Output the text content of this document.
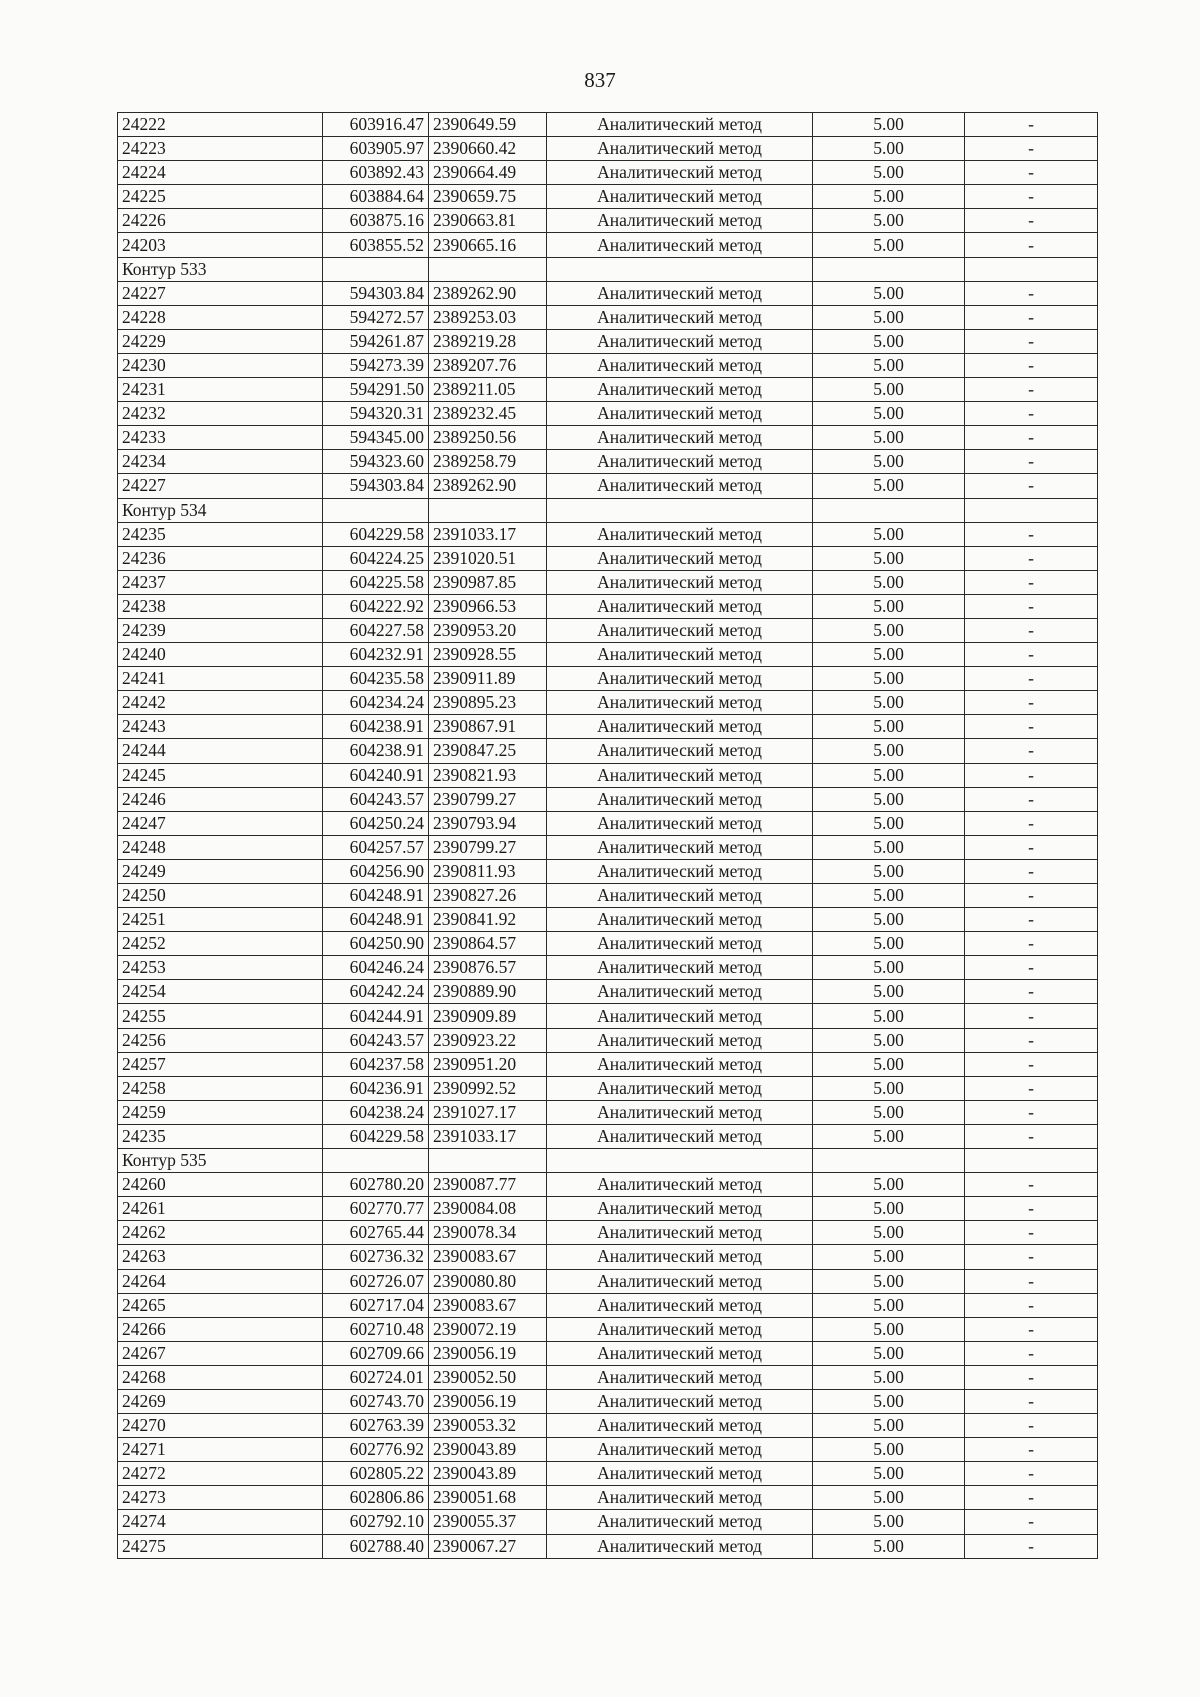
837
24222	603916.47	2390649.59	Аналитический метод	5.00	-
24223	603905.97	2390660.42	Аналитический метод	5.00	-
24224	603892.43	2390664.49	Аналитический метод	5.00	-
24225	603884.64	2390659.75	Аналитический метод	5.00	-
24226	603875.16	2390663.81	Аналитический метод	5.00	-
24203	603855.52	2390665.16	Аналитический метод	5.00	-
Контур 533					
24227	594303.84	2389262.90	Аналитический метод	5.00	-
24228	594272.57	2389253.03	Аналитический метод	5.00	-
24229	594261.87	2389219.28	Аналитический метод	5.00	-
24230	594273.39	2389207.76	Аналитический метод	5.00	-
24231	594291.50	2389211.05	Аналитический метод	5.00	-
24232	594320.31	2389232.45	Аналитический метод	5.00	-
24233	594345.00	2389250.56	Аналитический метод	5.00	-
24234	594323.60	2389258.79	Аналитический метод	5.00	-
24227	594303.84	2389262.90	Аналитический метод	5.00	-
Контур 534					
24235	604229.58	2391033.17	Аналитический метод	5.00	-
24236	604224.25	2391020.51	Аналитический метод	5.00	-
24237	604225.58	2390987.85	Аналитический метод	5.00	-
24238	604222.92	2390966.53	Аналитический метод	5.00	-
24239	604227.58	2390953.20	Аналитический метод	5.00	-
24240	604232.91	2390928.55	Аналитический метод	5.00	-
24241	604235.58	2390911.89	Аналитический метод	5.00	-
24242	604234.24	2390895.23	Аналитический метод	5.00	-
24243	604238.91	2390867.91	Аналитический метод	5.00	-
24244	604238.91	2390847.25	Аналитический метод	5.00	-
24245	604240.91	2390821.93	Аналитический метод	5.00	-
24246	604243.57	2390799.27	Аналитический метод	5.00	-
24247	604250.24	2390793.94	Аналитический метод	5.00	-
24248	604257.57	2390799.27	Аналитический метод	5.00	-
24249	604256.90	2390811.93	Аналитический метод	5.00	-
24250	604248.91	2390827.26	Аналитический метод	5.00	-
24251	604248.91	2390841.92	Аналитический метод	5.00	-
24252	604250.90	2390864.57	Аналитический метод	5.00	-
24253	604246.24	2390876.57	Аналитический метод	5.00	-
24254	604242.24	2390889.90	Аналитический метод	5.00	-
24255	604244.91	2390909.89	Аналитический метод	5.00	-
24256	604243.57	2390923.22	Аналитический метод	5.00	-
24257	604237.58	2390951.20	Аналитический метод	5.00	-
24258	604236.91	2390992.52	Аналитический метод	5.00	-
24259	604238.24	2391027.17	Аналитический метод	5.00	-
24235	604229.58	2391033.17	Аналитический метод	5.00	-
Контур 535					
24260	602780.20	2390087.77	Аналитический метод	5.00	-
24261	602770.77	2390084.08	Аналитический метод	5.00	-
24262	602765.44	2390078.34	Аналитический метод	5.00	-
24263	602736.32	2390083.67	Аналитический метод	5.00	-
24264	602726.07	2390080.80	Аналитический метод	5.00	-
24265	602717.04	2390083.67	Аналитический метод	5.00	-
24266	602710.48	2390072.19	Аналитический метод	5.00	-
24267	602709.66	2390056.19	Аналитический метод	5.00	-
24268	602724.01	2390052.50	Аналитический метод	5.00	-
24269	602743.70	2390056.19	Аналитический метод	5.00	-
24270	602763.39	2390053.32	Аналитический метод	5.00	-
24271	602776.92	2390043.89	Аналитический метод	5.00	-
24272	602805.22	2390043.89	Аналитический метод	5.00	-
24273	602806.86	2390051.68	Аналитический метод	5.00	-
24274	602792.10	2390055.37	Аналитический метод	5.00	-
24275	602788.40	2390067.27	Аналитический метод	5.00	-
